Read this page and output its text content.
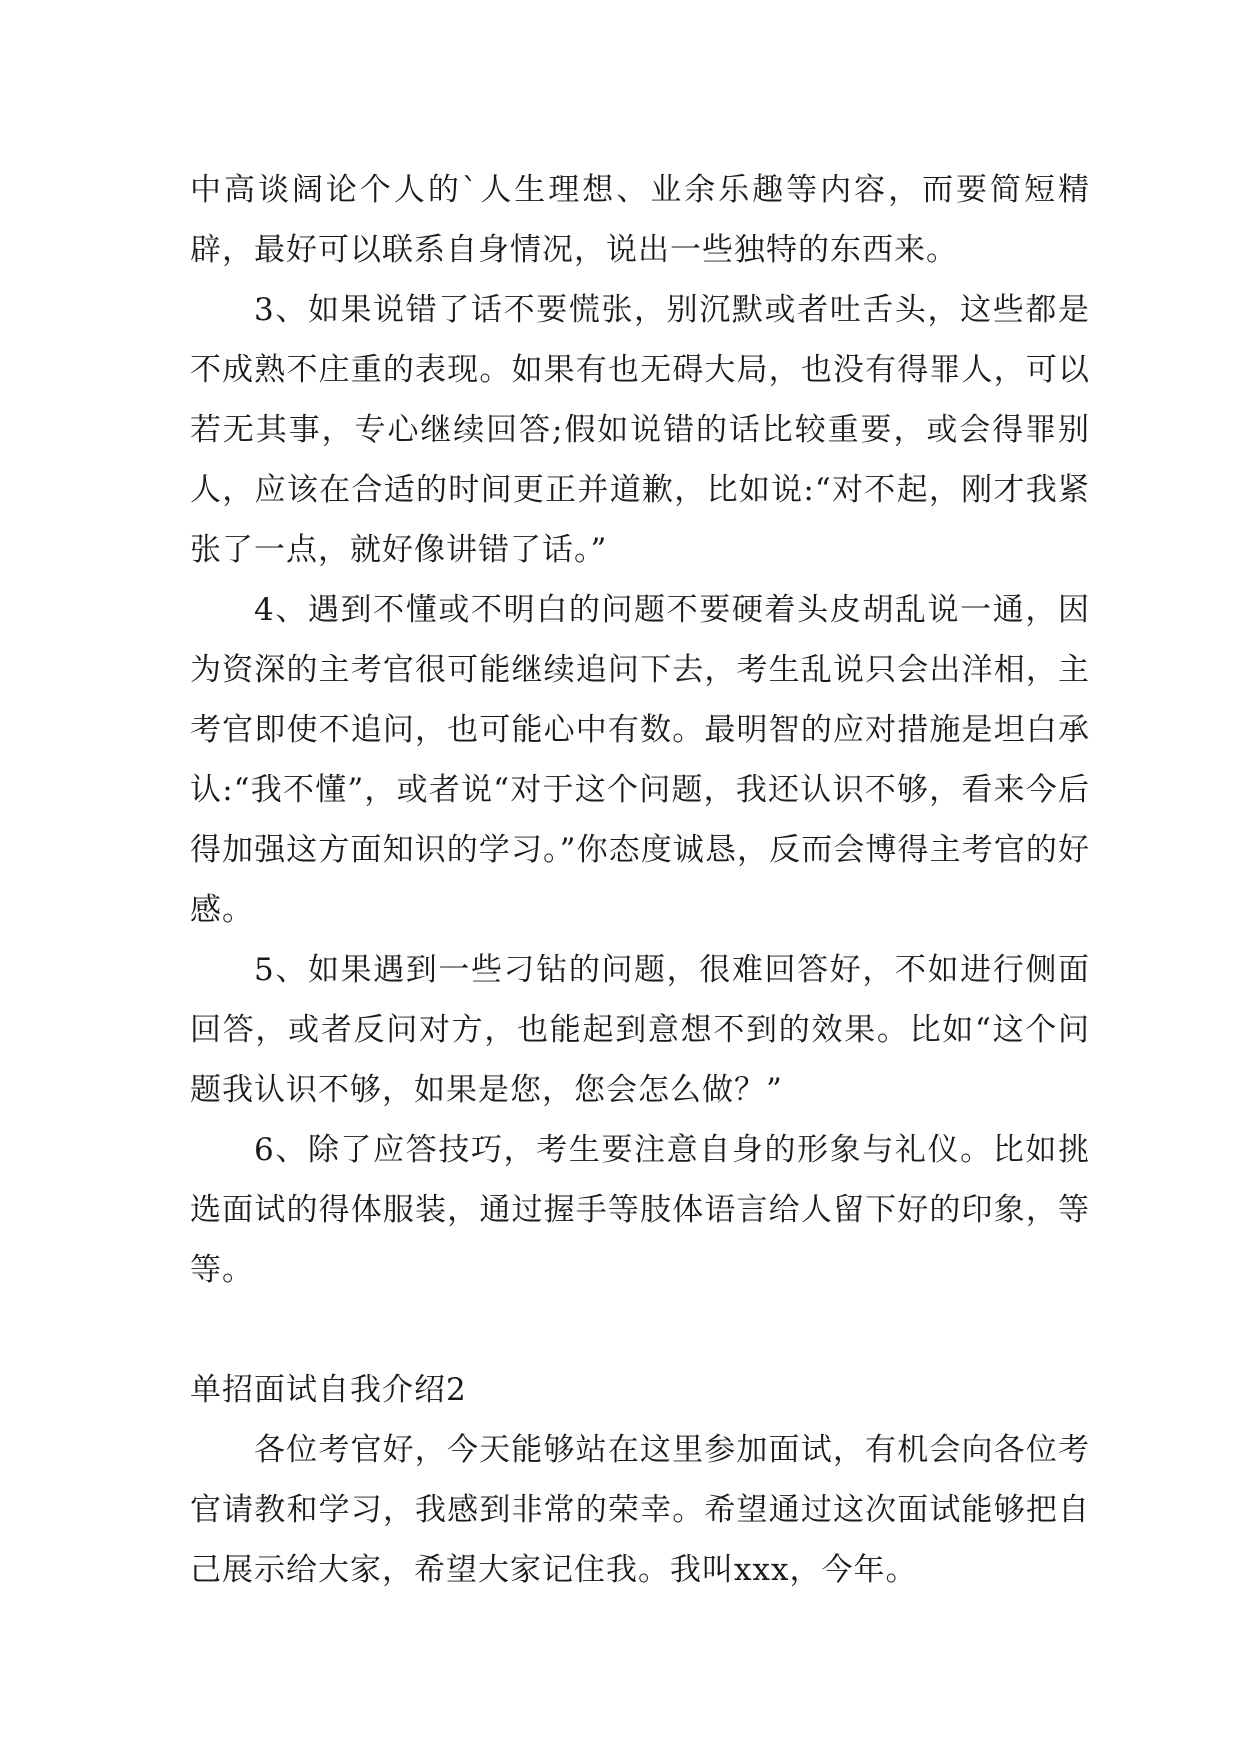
中高谈阔论个人的`人生理想、业余乐趣等内容，而要简短精辟，最好可以联系自身情况，说出一些独特的东西来。

3、如果说错了话不要慌张，别沉默或者吐舌头，这些都是不成熟不庄重的表现。如果有也无碍大局，也没有得罪人，可以若无其事，专心继续回答;假如说错的话比较重要，或会得罪别人，应该在合适的时间更正并道歉，比如说:“对不起，刚才我紧张了一点，就好像讲错了话。”

4、遇到不懂或不明白的问题不要硬着头皮胡乱说一通，因为资深的主考官很可能继续追问下去，考生乱说只会出洋相，主考官即使不追问，也可能心中有数。最明智的应对措施是坦白承认:“我不懂”，或者说“对于这个问题，我还认识不够，看来今后得加强这方面知识的学习。”你态度诚恳，反而会博得主考官的好感。

5、如果遇到一些刁钻的问题，很难回答好，不如进行侧面回答，或者反问对方，也能起到意想不到的效果。比如“这个问题我认识不够，如果是您，您会怎么做？”

6、除了应答技巧，考生要注意自身的形象与礼仪。比如挑选面试的得体服装，通过握手等肢体语言给人留下好的印象，等等。

单招面试自我介绍2

各位考官好，今天能够站在这里参加面试，有机会向各位考官请教和学习，我感到非常的荣幸。希望通过这次面试能够把自己展示给大家，希望大家记住我。我叫xxx，今年。
